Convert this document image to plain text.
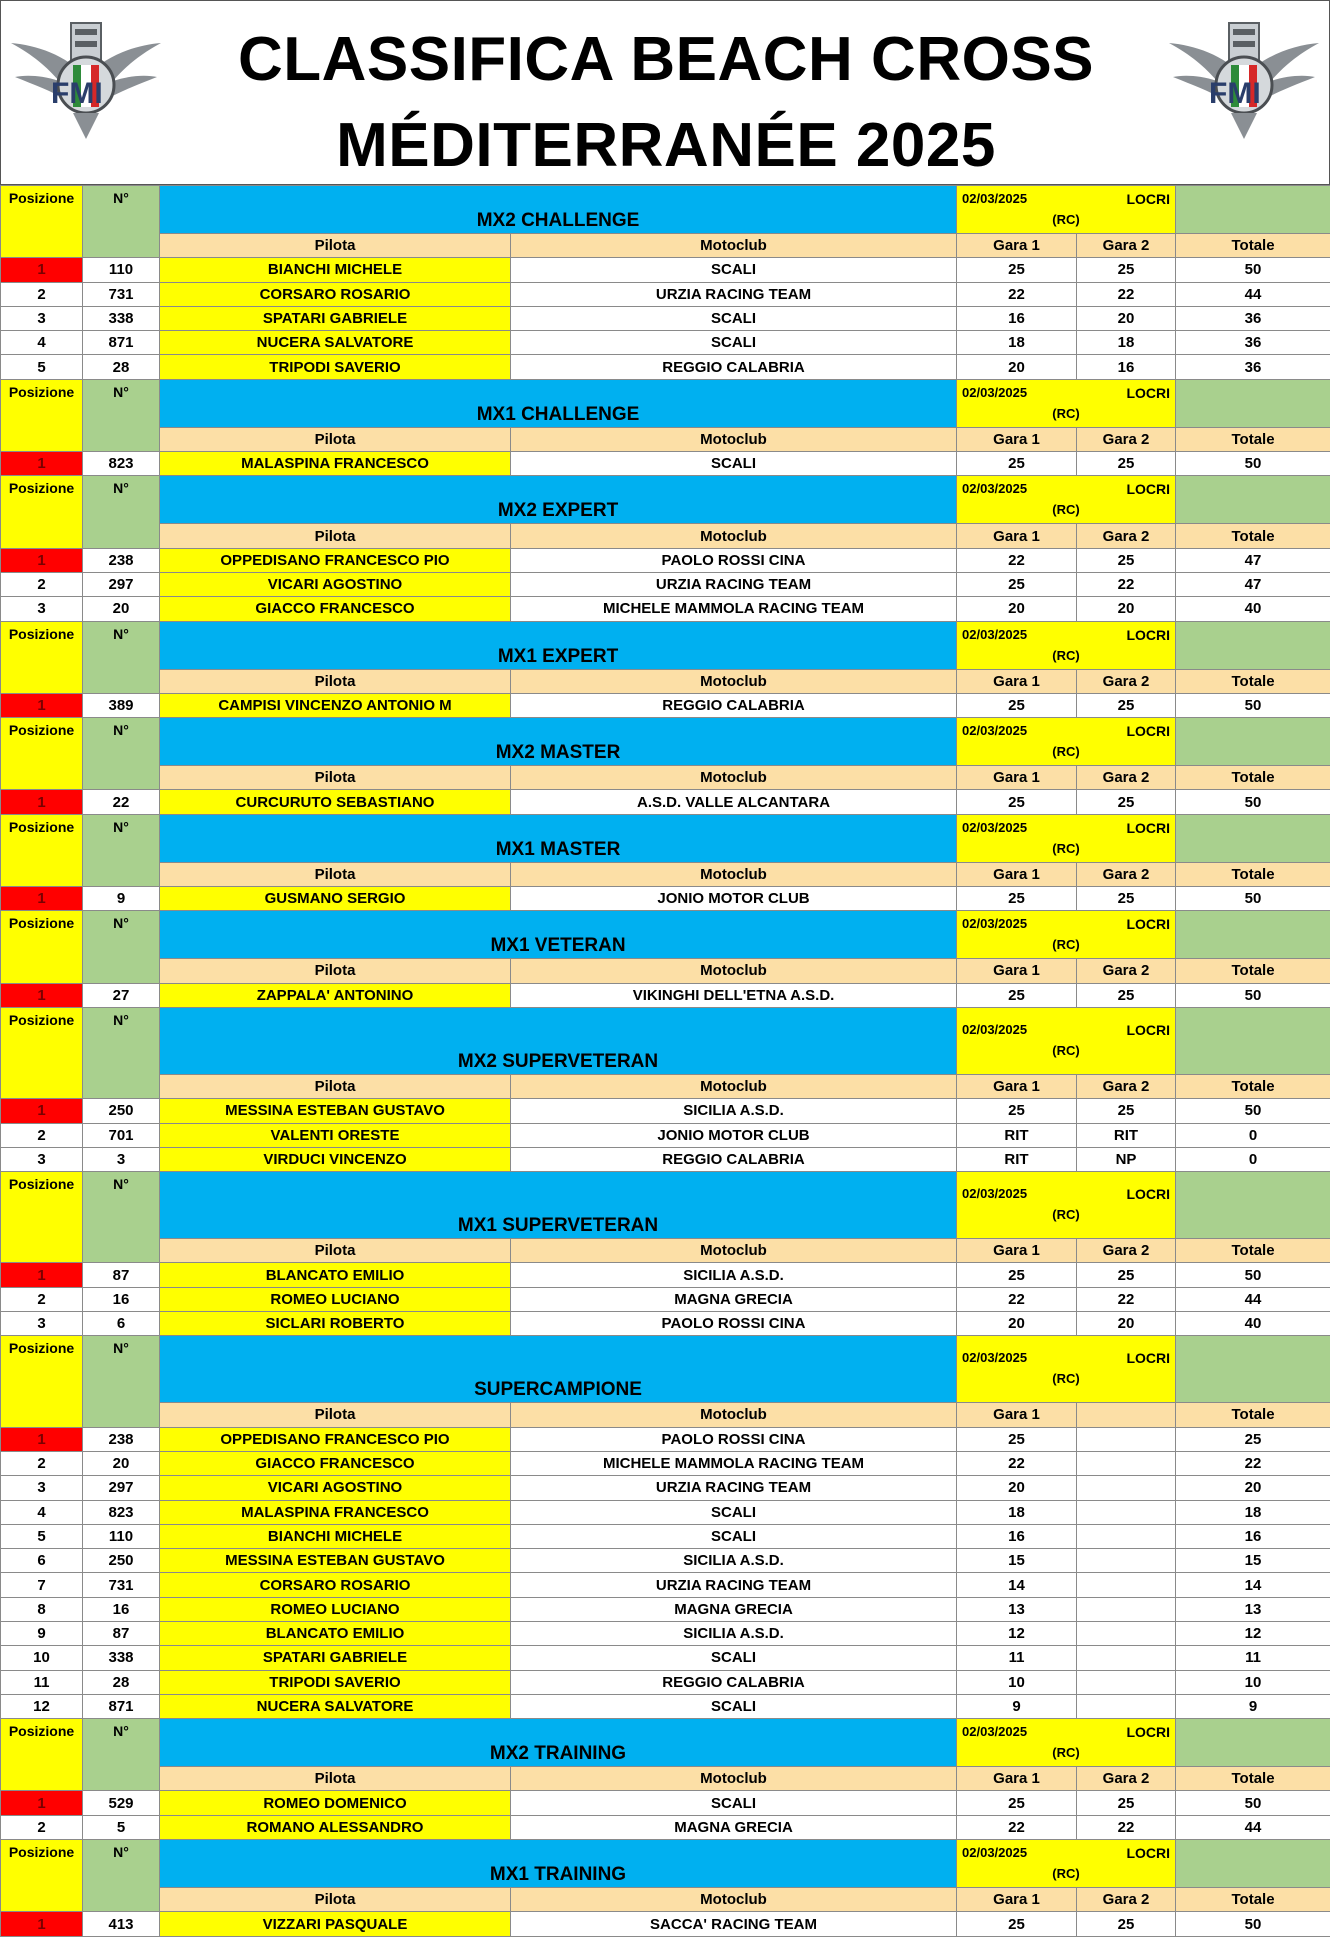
FMI	CLASSIFICA BEACH CROSS
MÉDITERRANÉE 2025
FMI
Posizione	N°	MX2 CHALLENGE		02/03/2025 LOCRI
(RC)		

		Pilota	Motoclub	Gara 1	Gara 2	Totale
1	110	BIANCHI MICHELE	SCALI	25	25	50
2	731	CORSARO ROSARIO	URZIA RACING TEAM	22	22	44
3	338	SPATARI GABRIELE	SCALI	16	20	36
4	871	NUCERA SALVATORE	SCALI	18	18	36
5	28	TRIPODI SAVERIO	REGGIO CALABRIA	20	16	36
Posizione	N°	MX1 CHALLENGE		02/03/2025 LOCRI
(RC)		

		Pilota	Motoclub	Gara 1	Gara 2	Totale
1	823	MALASPINA FRANCESCO	SCALI	25	25	50
Posizione	N°	MX2 EXPERT		02/03/2025 LOCRI
(RC)		

		Pilota	Motoclub	Gara 1	Gara 2	Totale
1	238	OPPEDISANO FRANCESCO PIO	PAOLO ROSSI CINA	22	25	47
2	297	VICARI AGOSTINO	URZIA RACING TEAM	25	22	47
3	20	GIACCO FRANCESCO	MICHELE MAMMOLA RACING TEAM	20	20	40
Posizione	N°	MX1 EXPERT		02/03/2025 LOCRI
(RC)		

		Pilota	Motoclub	Gara 1	Gara 2	Totale
1	389	CAMPISI VINCENZO ANTONIO M	REGGIO CALABRIA	25	25	50
Posizione	N°	MX2 MASTER		02/03/2025 LOCRI
(RC)		

		Pilota	Motoclub	Gara 1	Gara 2	Totale
1	22	CURCURUTO SEBASTIANO	A.S.D. VALLE ALCANTARA	25	25	50
Posizione	N°	MX1 MASTER		02/03/2025 LOCRI
(RC)		

		Pilota	Motoclub	Gara 1	Gara 2	Totale
1	9	GUSMANO SERGIO	JONIO MOTOR CLUB	25	25	50
Posizione	N°	MX1 VETERAN		02/03/2025 LOCRI
(RC)		

		Pilota	Motoclub	Gara 1	Gara 2	Totale
1	27	ZAPPALA' ANTONINO	VIKINGHI DELL'ETNA A.S.D.	25	25	50
Posizione	N°	MX2 SUPERVETERAN		02/03/2025 LOCRI
(RC)		

		Pilota	Motoclub	Gara 1	Gara 2	Totale
1	250	MESSINA ESTEBAN GUSTAVO	SICILIA A.S.D.	25	25	50
2	701	VALENTI ORESTE	JONIO MOTOR CLUB	RIT	RIT	0
3	3	VIRDUCI VINCENZO	REGGIO CALABRIA	RIT	NP	0
Posizione	N°	MX1 SUPERVETERAN		02/03/2025 LOCRI
(RC)		

		Pilota	Motoclub	Gara 1	Gara 2	Totale
1	87	BLANCATO EMILIO	SICILIA A.S.D.	25	25	50
2	16	ROMEO LUCIANO	MAGNA GRECIA	22	22	44
3	6	SICLARI ROBERTO	PAOLO ROSSI CINA	20	20	40
Posizione	N°	SUPERCAMPIONE		02/03/2025 LOCRI
(RC)		

		Pilota	Motoclub	Gara 1		Totale
1	238	OPPEDISANO FRANCESCO PIO	PAOLO ROSSI CINA	25		25
2	20	GIACCO FRANCESCO	MICHELE MAMMOLA RACING TEAM	22		22
3	297	VICARI AGOSTINO	URZIA RACING TEAM	20		20
4	823	MALASPINA FRANCESCO	SCALI	18		18
5	110	BIANCHI MICHELE	SCALI	16		16
6	250	MESSINA ESTEBAN GUSTAVO	SICILIA A.S.D.	15		15
7	731	CORSARO ROSARIO	URZIA RACING TEAM	14		14
8	16	ROMEO LUCIANO	MAGNA GRECIA	13		13
9	87	BLANCATO EMILIO	SICILIA A.S.D.	12		12
10	338	SPATARI GABRIELE	SCALI	11		11
11	28	TRIPODI SAVERIO	REGGIO CALABRIA	10		10
12	871	NUCERA SALVATORE	SCALI	9		9
Posizione	N°	MX2 TRAINING		02/03/2025 LOCRI
(RC)		

		Pilota	Motoclub	Gara 1	Gara 2	Totale
1	529	ROMEO DOMENICO	SCALI	25	25	50
2	5	ROMANO ALESSANDRO	MAGNA GRECIA	22	22	44
Posizione	N°	MX1 TRAINING		02/03/2025 LOCRI
(RC)		

		Pilota	Motoclub	Gara 1	Gara 2	Totale
1	413	VIZZARI PASQUALE	SACCA' RACING TEAM	25	25	50
